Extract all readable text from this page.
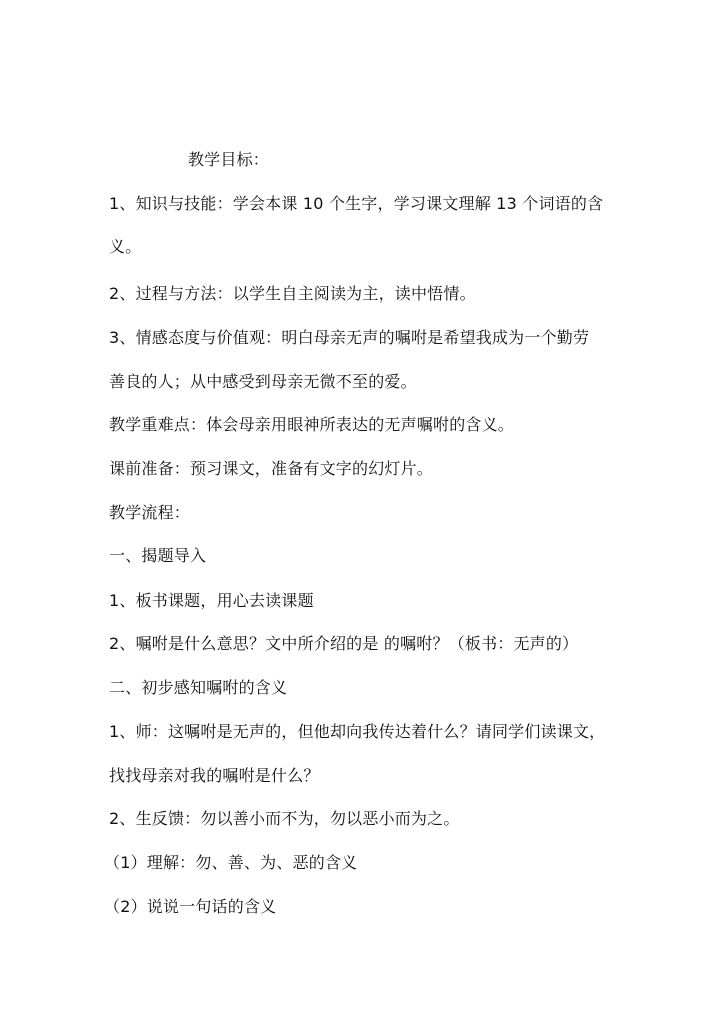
教学目标：
1、知识与技能：学会本课 10 个生字，学习课文理解 13 个词语的含
义。
2、过程与方法：以学生自主阅读为主，读中悟情。
3、情感态度与价值观：明白母亲无声的嘱咐是希望我成为一个勤劳
善良的人；从中感受到母亲无微不至的爱。
教学重难点：体会母亲用眼神所表达的无声嘱咐的含义。
课前准备：预习课文，准备有文字的幻灯片。
教学流程：
一、揭题导入
1、板书课题，用心去读课题
2、嘱咐是什么意思？文中所介绍的是 的嘱咐？（板书：无声的）
二、初步感知嘱咐的含义
1、师：这嘱咐是无声的，但他却向我传达着什么？请同学们读课文，
找找母亲对我的嘱咐是什么？
2、生反馈：勿以善小而不为，勿以恶小而为之。
（1）理解：勿、善、为、恶的含义
（2）说说一句话的含义
